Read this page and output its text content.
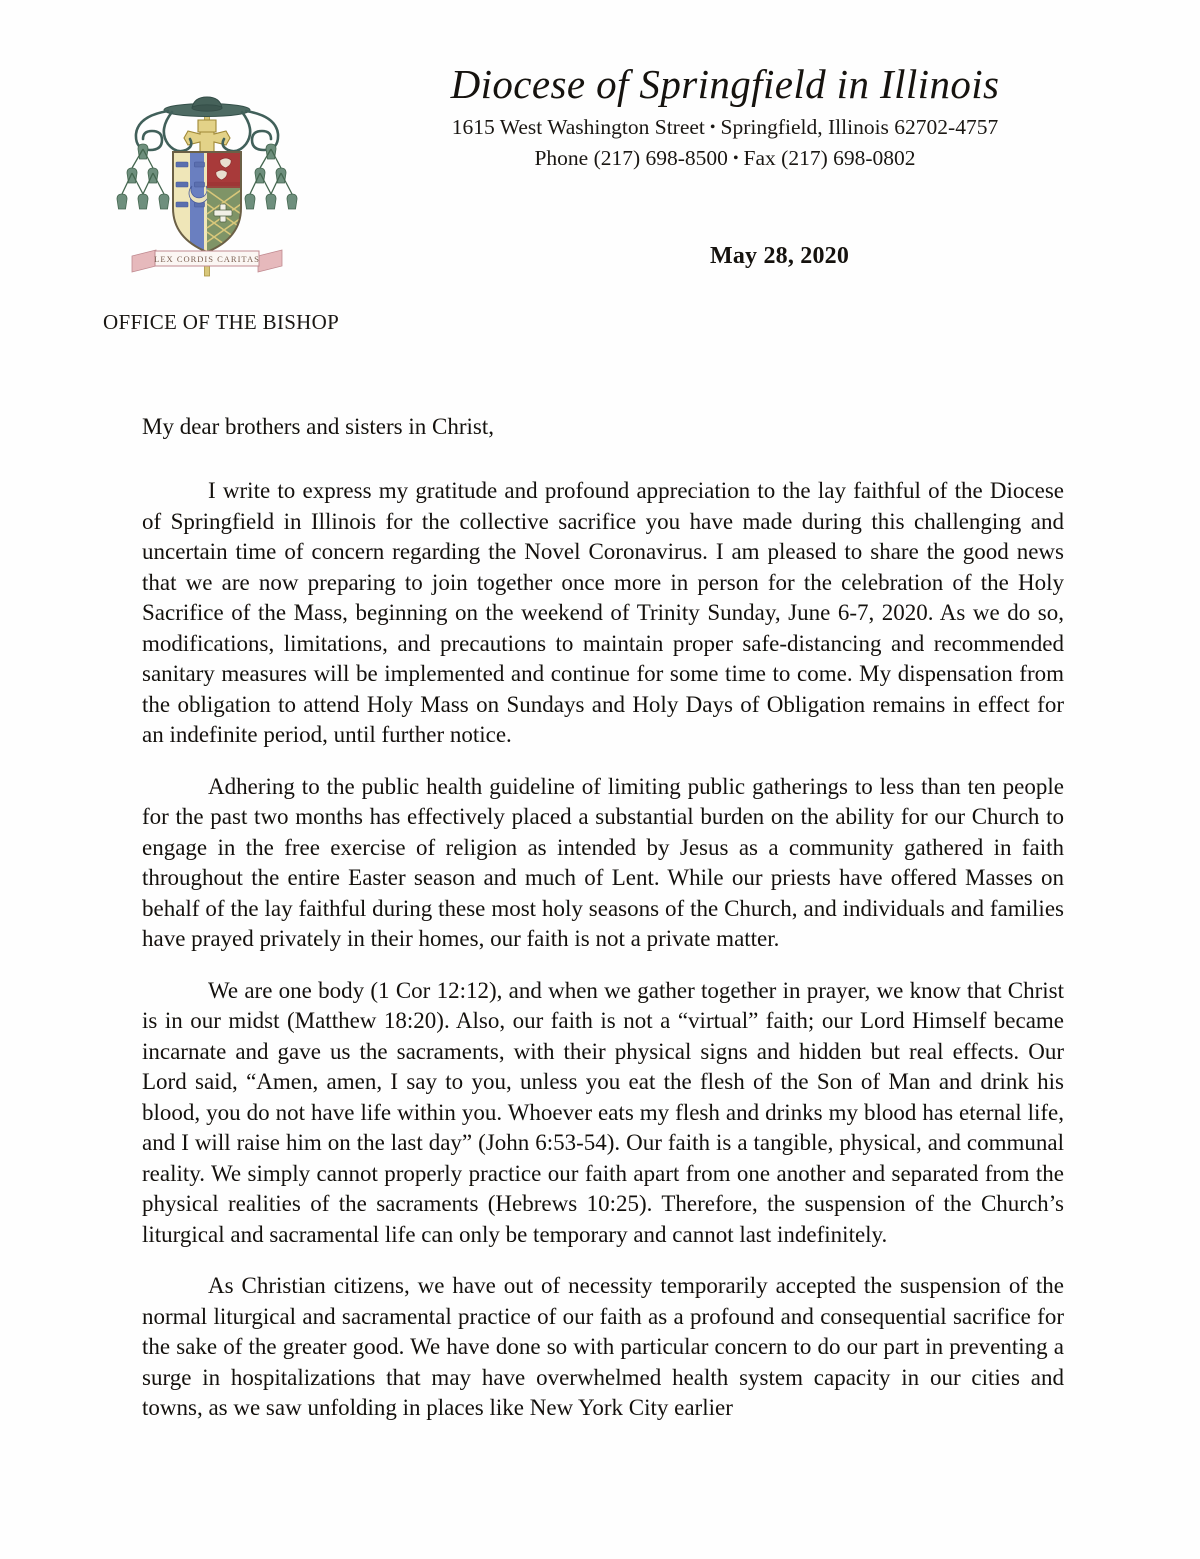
LEX CORDIS CARITAS
Diocese of Springfield in Illinois
1615 West Washington Street • Springfield, Illinois 62702-4757
Phone (217) 698-8500 • Fax (217) 698-0802
May 28, 2020
OFFICE OF THE BISHOP

My dear brothers and sisters in Christ,

I write to express my gratitude and profound appreciation to the lay faithful of the Diocese of Springfield in Illinois for the collective sacrifice you have made during this challenging and uncertain time of concern regarding the Novel Coronavirus. I am pleased to share the good news that we are now preparing to join together once more in person for the celebration of the Holy Sacrifice of the Mass, beginning on the weekend of Trinity Sunday, June 6-7, 2020. As we do so, modifications, limitations, and precautions to maintain proper safe-distancing and recommended sanitary measures will be implemented and continue for some time to come. My dispensation from the obligation to attend Holy Mass on Sundays and Holy Days of Obligation remains in effect for an indefinite period, until further notice.

Adhering to the public health guideline of limiting public gatherings to less than ten people for the past two months has effectively placed a substantial burden on the ability for our Church to engage in the free exercise of religion as intended by Jesus as a community gathered in faith throughout the entire Easter season and much of Lent. While our priests have offered Masses on behalf of the lay faithful during these most holy seasons of the Church, and individuals and families have prayed privately in their homes, our faith is not a private matter.

We are one body (1 Cor 12:12), and when we gather together in prayer, we know that Christ is in our midst (Matthew 18:20). Also, our faith is not a “virtual” faith; our Lord Himself became incarnate and gave us the sacraments, with their physical signs and hidden but real effects. Our Lord said, “Amen, amen, I say to you, unless you eat the flesh of the Son of Man and drink his blood, you do not have life within you. Whoever eats my flesh and drinks my blood has eternal life, and I will raise him on the last day” (John 6:53-54). Our faith is a tangible, physical, and communal reality. We simply cannot properly practice our faith apart from one another and separated from the physical realities of the sacraments (Hebrews 10:25). Therefore, the suspension of the Church’s liturgical and sacramental life can only be temporary and cannot last indefinitely.

As Christian citizens, we have out of necessity temporarily accepted the suspension of the normal liturgical and sacramental practice of our faith as a profound and consequential sacrifice for the sake of the greater good. We have done so with particular concern to do our part in preventing a surge in hospitalizations that may have overwhelmed health system capacity in our cities and towns, as we saw unfolding in places like New York City earlier
